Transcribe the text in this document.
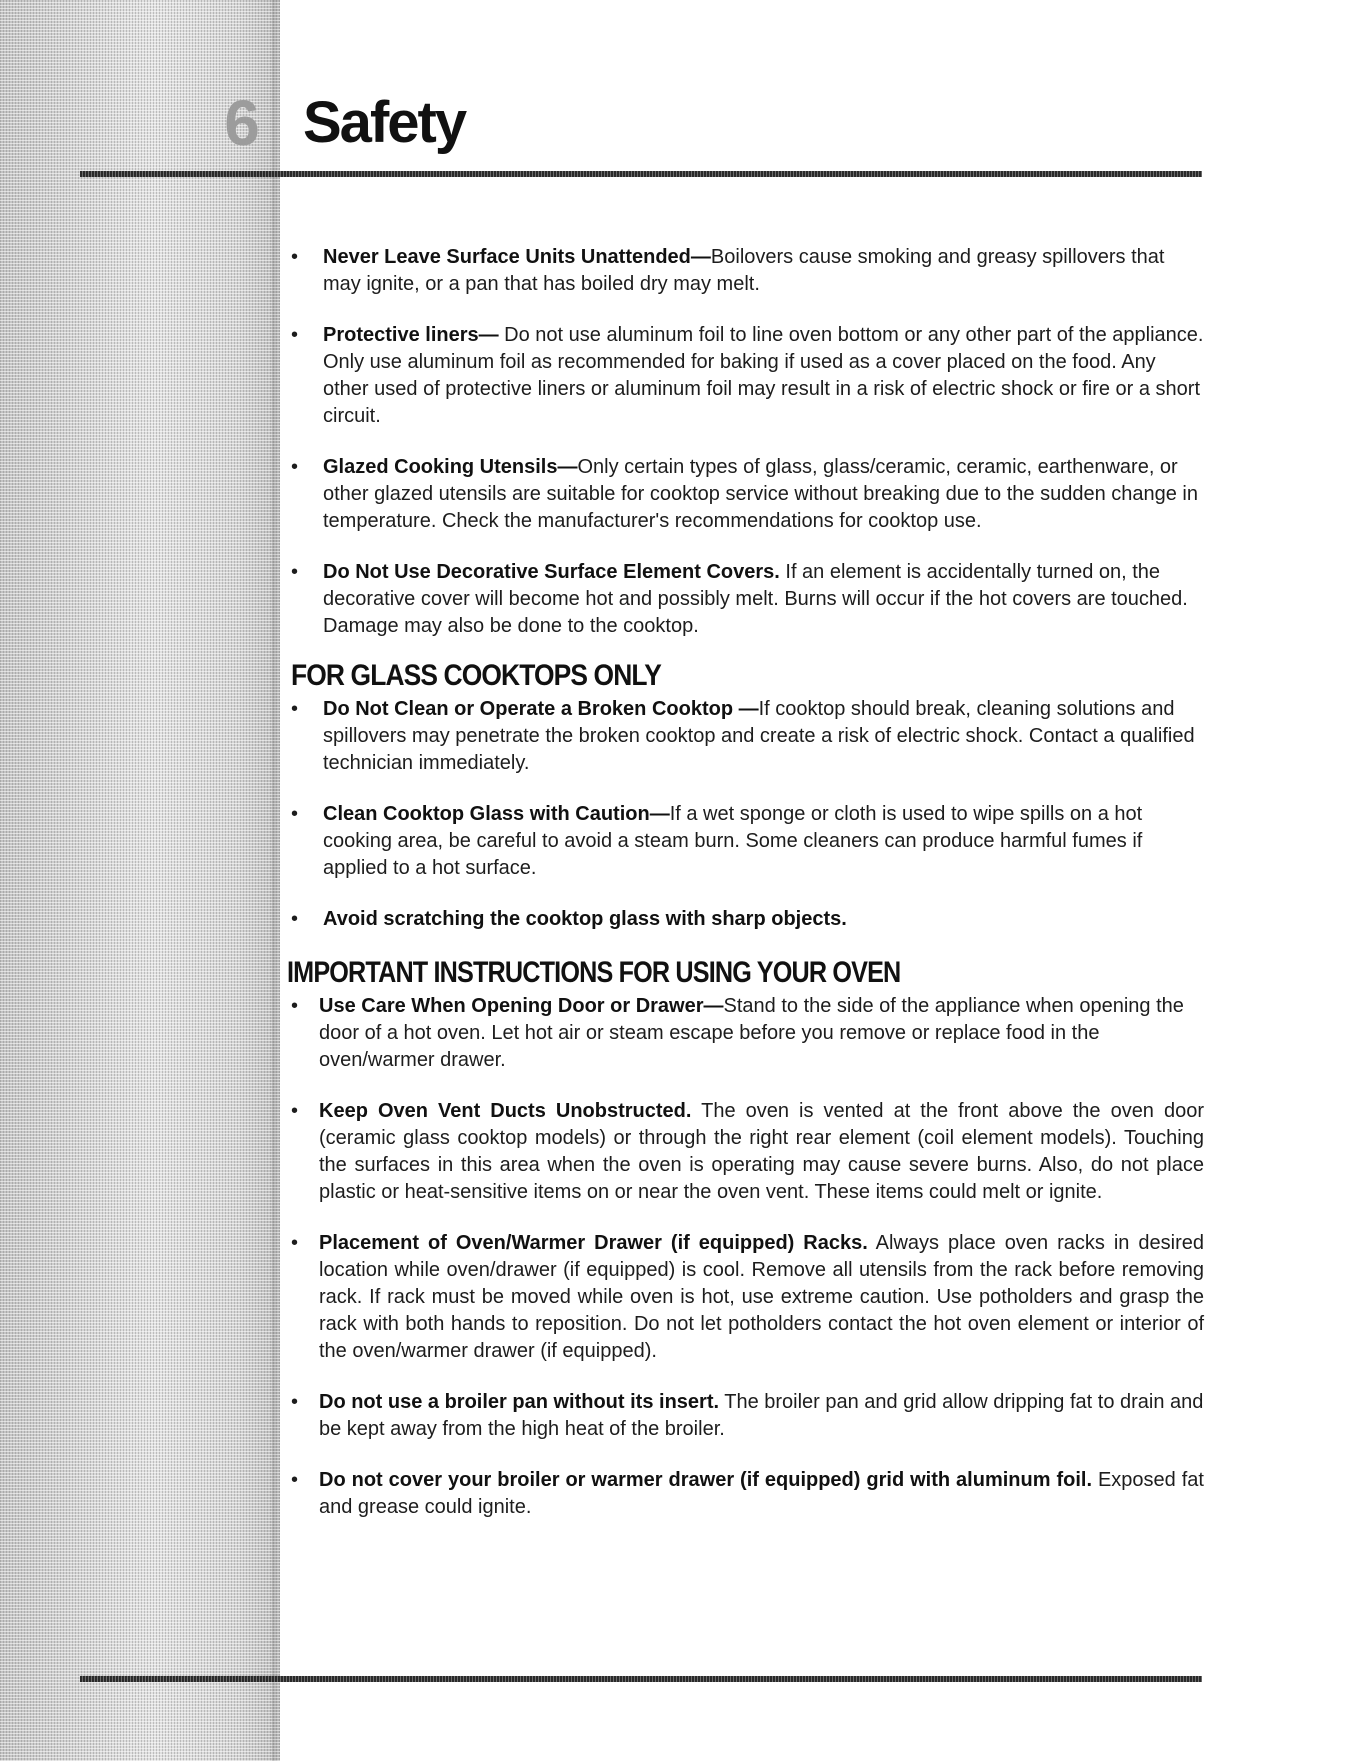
6 Safety
• Never Leave Surface Units Unattended—Boilovers cause smoking and greasy spillovers that may ignite, or a pan that has boiled dry may melt.
• Protective liners— Do not use aluminum foil to line oven bottom or any other part of the appliance. Only use aluminum foil as recommended for baking if used as a cover placed on the food. Any other used of protective liners or aluminum foil may result in a risk of electric shock or fire or a short circuit.
• Glazed Cooking Utensils—Only certain types of glass, glass/ceramic, ceramic, earthenware, or other glazed utensils are suitable for cooktop service without breaking due to the sudden change in temperature. Check the manufacturer's recommendations for cooktop use.
• Do Not Use Decorative Surface Element Covers. If an element is accidentally turned on, the decorative cover will become hot and possibly melt. Burns will occur if the hot covers are touched. Damage may also be done to the cooktop.
FOR GLASS COOKTOPS ONLY
• Do Not Clean or Operate a Broken Cooktop —If cooktop should break, cleaning solutions and spillovers may penetrate the broken cooktop and create a risk of electric shock. Contact a qualified technician immediately.
• Clean Cooktop Glass with Caution—If a wet sponge or cloth is used to wipe spills on a hot cooking area, be careful to avoid a steam burn. Some cleaners can produce harmful fumes if applied to a hot surface.
• Avoid scratching the cooktop glass with sharp objects.
IMPORTANT INSTRUCTIONS FOR USING YOUR OVEN
• Use Care When Opening Door or Drawer—Stand to the side of the appliance when opening the door of a hot oven. Let hot air or steam escape before you remove or replace food in the oven/warmer drawer.
• Keep Oven Vent Ducts Unobstructed. The oven is vented at the front above the oven door (ceramic glass cooktop models) or through the right rear element (coil element models). Touching the surfaces in this area when the oven is operating may cause severe burns. Also, do not place plastic or heat-sensitive items on or near the oven vent. These items could melt or ignite.
• Placement of Oven/Warmer Drawer (if equipped) Racks. Always place oven racks in desired location while oven/drawer (if equipped) is cool. Remove all utensils from the rack before removing rack. If rack must be moved while oven is hot, use extreme caution. Use potholders and grasp the rack with both hands to reposition. Do not let potholders contact the hot oven element or interior of the oven/warmer drawer (if equipped).
• Do not use a broiler pan without its insert. The broiler pan and grid allow dripping fat to drain and be kept away from the high heat of the broiler.
• Do not cover your broiler or warmer drawer (if equipped) grid with aluminum foil. Exposed fat and grease could ignite.
